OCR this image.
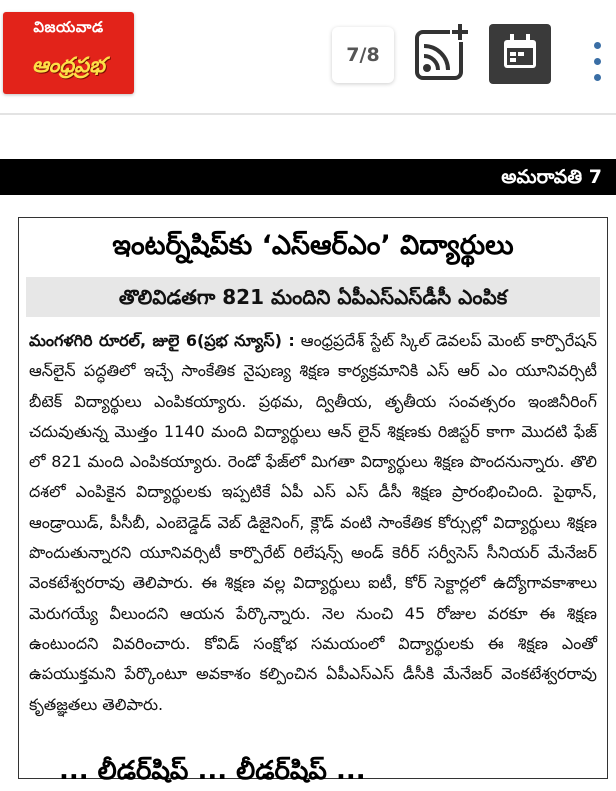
విజయవాడ
ఆంధ్రప్రభ	7/8
అమరావతి 7
ఇంటర్న్‌షిప్‌కు ‘ఎస్ఆర్ఎం’ విద్యార్థులు
తొలివిడతగా 821 మందిని ఏపీఎస్ఎస్‌డీసీ ఎంపిక
మంగళగిరి రూరల్, జులై 6(ప్రభ న్యూస్) : ఆంధ్రప్రదేశ్ స్టేట్ స్కిల్ డెవలప్ మెంట్ కార్పొరేషన్ ఆన్‌లైన్ పద్ధతిలో ఇచ్చే సాంకేతిక నైపుణ్య శిక్షణ కార్యక్రమానికి ఎస్ ఆర్ ఎం యూనివర్సిటీ బీటెక్ విద్యార్థులు ఎంపికయ్యారు. ప్రథమ, ద్వితీయ, తృతీయ సంవత్సరం ఇంజినీరింగ్ చదువుతున్న మొత్తం 1140 మంది విద్యార్థులు ఆన్ లైన్ శిక్షణకు రిజిస్టర్ కాగా మొదటి ఫేజ్ లో 821 మంది ఎంపికయ్యారు. రెండో ఫేజ్‌లో మిగతా విద్యార్థులు శిక్షణ పొందనున్నారు. తొలి దశలో ఎంపికైన విద్యార్థులకు ఇప్పటికే ఏపీ ఎస్ ఎస్ డీసీ శిక్షణ ప్రారంభించింది. పైథాన్, ఆండ్రాయిడ్, పీసీబీ, ఎంబెడ్డెడ్ వెబ్ డిజైనింగ్, క్లౌడ్ వంటి సాంకేతిక కోర్సుల్లో విద్యార్థులు శిక్షణ పొందుతున్నారని యూనివర్సిటీ కార్పొరేట్ రిలేషన్స్ అండ్ కెరీర్ సర్వీసెస్ సీనియర్ మేనేజర్ వెంకటేశ్వరరావు తెలిపారు. ఈ శిక్షణ వల్ల విద్యార్థులు ఐటీ, కోర్ సెక్టార్లలో ఉద్యోగావకాశాలు మెరుగయ్యే వీలుందని ఆయన పేర్కొన్నారు. నెల నుంచి 45 రోజుల వరకూ ఈ శిక్షణ ఉంటుందని వివరించారు. కోవిడ్ సంక్షోభ సమయంలో విద్యార్థులకు ఈ శిక్షణ ఎంతో ఉపయుక్తమని పేర్కొంటూ అవకాశం కల్పించిన ఏపీఎస్ఎస్ డీసీకి మేనేజర్ వెంకటేశ్వరరావు కృతజ్ఞతలు తెలిపారు.
... లీడర్‌షిప్‌ ... లీడర్‌షిప్ ...
